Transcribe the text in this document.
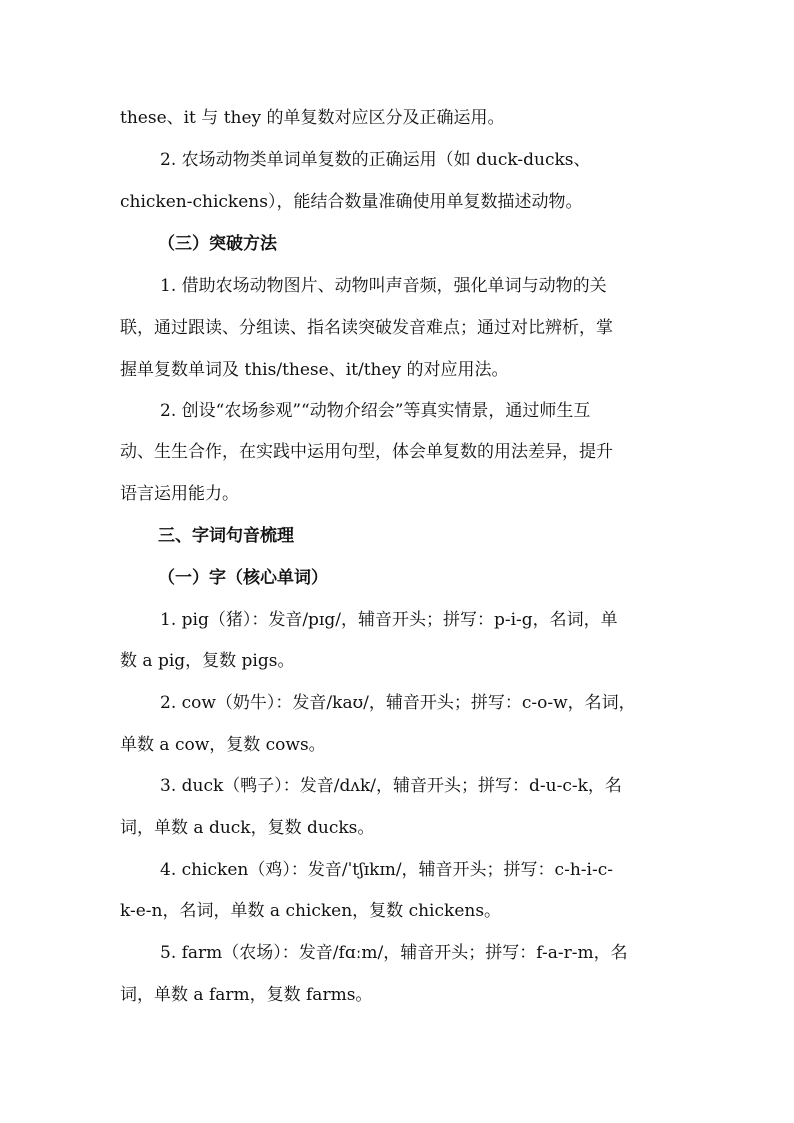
these、it 与 they 的单复数对应区分及正确运用。
2. 农场动物类单词单复数的正确运用（如 duck-ducks、
chicken-chickens），能结合数量准确使用单复数描述动物。
（三）突破方法
1. 借助农场动物图片、动物叫声音频，强化单词与动物的关
联，通过跟读、分组读、指名读突破发音难点；通过对比辨析，掌
握单复数单词及 this/these、it/they 的对应用法。
2. 创设“农场参观”“动物介绍会”等真实情景，通过师生互
动、生生合作，在实践中运用句型，体会单复数的用法差异，提升
语言运用能力。
三、字词句音梳理
（一）字（核心单词）
1. pig（猪）：发音/pɪg/，辅音开头；拼写：p-i-g，名词，单
数 a pig，复数 pigs。
2. cow（奶牛）：发音/kaʊ/，辅音开头；拼写：c-o-w，名词，
单数 a cow，复数 cows。
3. duck（鸭子）：发音/dʌk/，辅音开头；拼写：d-u-c-k，名
词，单数 a duck，复数 ducks。
4. chicken（鸡）：发音/ˈtʃɪkɪn/，辅音开头；拼写：c-h-i-c-
k-e-n，名词，单数 a chicken，复数 chickens。
5. farm（农场）：发音/fɑːm/，辅音开头；拼写：f-a-r-m，名
词，单数 a farm，复数 farms。
